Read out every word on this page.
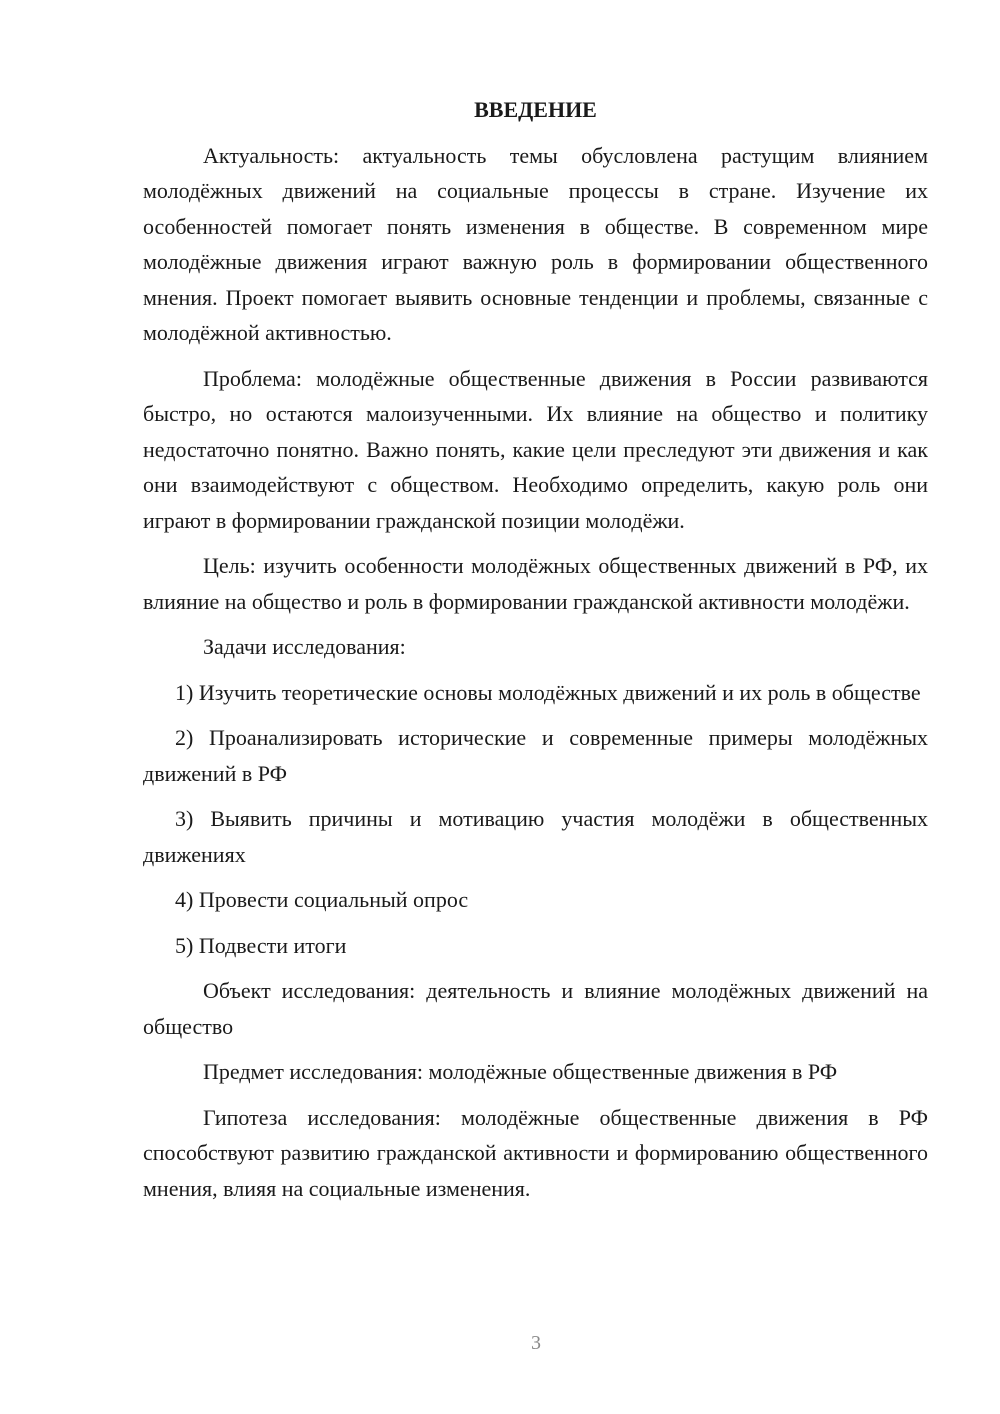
ВВЕДЕНИЕ

Актуальность: актуальность темы обусловлена растущим влиянием молодёжных движений на социальные процессы в стране. Изучение их особенностей помогает понять изменения в обществе. В современном мире молодёжные движения играют важную роль в формировании общественного мнения. Проект помогает выявить основные тенденции и проблемы, связанные с молодёжной активностью.

Проблема: молодёжные общественные движения в России развиваются быстро, но остаются малоизученными. Их влияние на общество и политику недостаточно понятно. Важно понять, какие цели преследуют эти движения и как они взаимодействуют с обществом. Необходимо определить, какую роль они играют в формировании гражданской позиции молодёжи.

Цель: изучить особенности молодёжных общественных движений в РФ, их влияние на общество и роль в формировании гражданской активности молодёжи.

Задачи исследования:

1) Изучить теоретические основы молодёжных движений и их роль в обществе

2) Проанализировать исторические и современные примеры молодёжных движений в РФ

3) Выявить причины и мотивацию участия молодёжи в общественных движениях

4) Провести социальный опрос

5) Подвести итоги

Объект исследования: деятельность и влияние молодёжных движений на общество

Предмет исследования: молодёжные общественные движения в РФ

Гипотеза исследования: молодёжные общественные движения в РФ способствуют развитию гражданской активности и формированию общественного мнения, влияя на социальные изменения.

3
